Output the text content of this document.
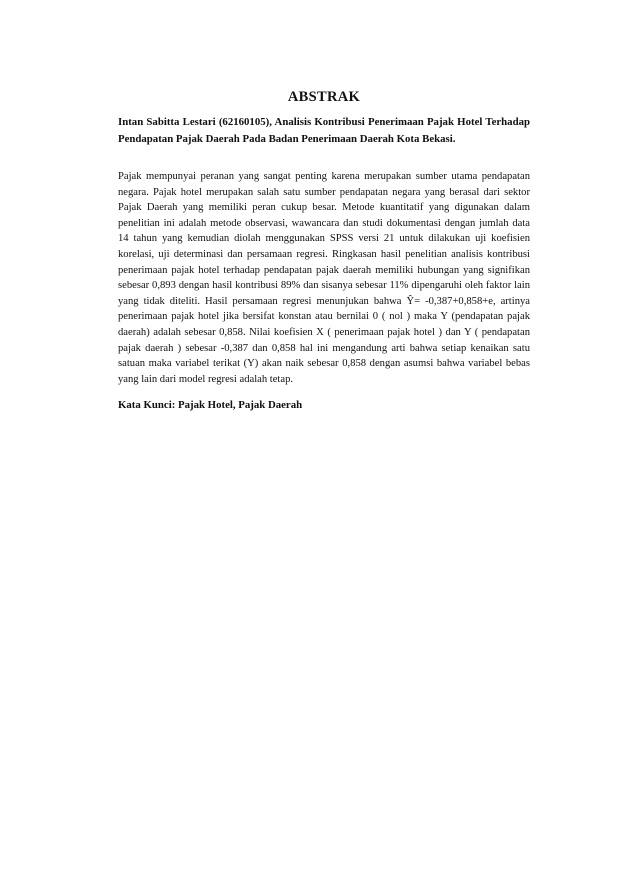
ABSTRAK

Intan Sabitta Lestari (62160105), Analisis Kontribusi Penerimaan Pajak Hotel Terhadap Pendapatan Pajak Daerah Pada Badan Penerimaan Daerah Kota Bekasi.

Pajak mempunyai peranan yang sangat penting karena merupakan sumber utama pendapatan negara. Pajak hotel merupakan salah satu sumber pendapatan negara yang berasal dari sektor Pajak Daerah yang memiliki peran cukup besar. Metode kuantitatif yang digunakan dalam penelitian ini adalah metode observasi, wawancara dan studi dokumentasi dengan jumlah data 14 tahun yang kemudian diolah menggunakan SPSS versi 21 untuk dilakukan uji koefisien korelasi, uji determinasi dan persamaan regresi. Ringkasan hasil penelitian analisis kontribusi penerimaan pajak hotel terhadap pendapatan pajak daerah memiliki hubungan yang signifikan sebesar 0,893 dengan hasil kontribusi 89% dan sisanya sebesar 11% dipengaruhi oleh faktor lain yang tidak diteliti. Hasil persamaan regresi menunjukan bahwa Ŷ= -0,387+0,858+e, artinya penerimaan pajak hotel jika bersifat konstan atau bernilai 0 ( nol ) maka Y (pendapatan pajak daerah) adalah sebesar 0,858. Nilai koefisien X ( penerimaan pajak hotel ) dan Y ( pendapatan pajak daerah ) sebesar -0,387 dan 0,858 hal ini mengandung arti bahwa setiap kenaikan satu satuan maka variabel terikat (Y) akan naik sebesar 0,858 dengan asumsi bahwa variabel bebas yang lain dari model regresi adalah tetap.

Kata Kunci: Pajak Hotel, Pajak Daerah
